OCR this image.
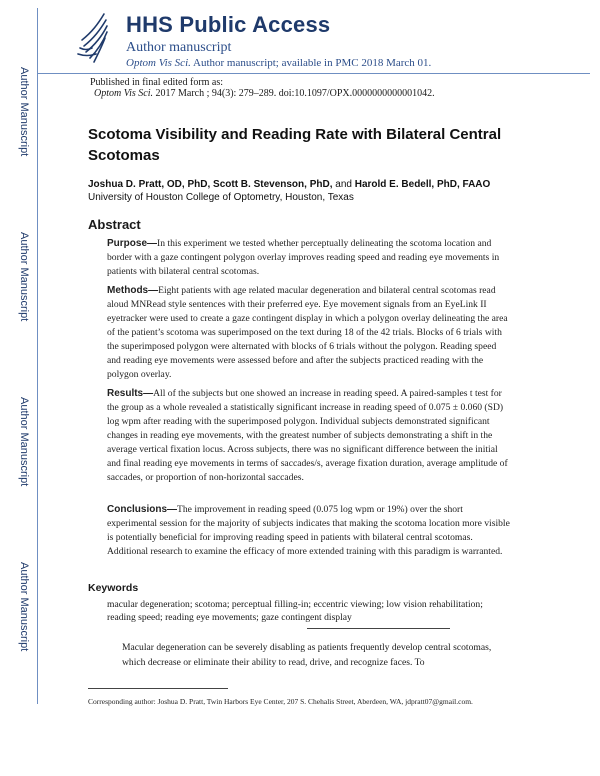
HHS Public Access
Author manuscript
Optom Vis Sci. Author manuscript; available in PMC 2018 March 01.
Author Manuscript
Author Manuscript
Author Manuscript
Author Manuscript
Published in final edited form as:
Optom Vis Sci. 2017 March ; 94(3): 279–289. doi:10.1097/OPX.0000000000001042.
Scotoma Visibility and Reading Rate with Bilateral Central Scotomas
Joshua D. Pratt, OD, PhD, Scott B. Stevenson, PhD, and Harold E. Bedell, PhD, FAAO
University of Houston College of Optometry, Houston, Texas
Abstract
Purpose—In this experiment we tested whether perceptually delineating the scotoma location and border with a gaze contingent polygon overlay improves reading speed and reading eye movements in patients with bilateral central scotomas.
Methods—Eight patients with age related macular degeneration and bilateral central scotomas read aloud MNRead style sentences with their preferred eye. Eye movement signals from an EyeLink II eyetracker were used to create a gaze contingent display in which a polygon overlay delineating the area of the patient’s scotoma was superimposed on the text during 18 of the 42 trials. Blocks of 6 trials with the superimposed polygon were alternated with blocks of 6 trials without the polygon. Reading speed and reading eye movements were assessed before and after the subjects practiced reading with the polygon overlay.
Results—All of the subjects but one showed an increase in reading speed. A paired-samples t test for the group as a whole revealed a statistically significant increase in reading speed of 0.075 ± 0.060 (SD) log wpm after reading with the superimposed polygon. Individual subjects demonstrated significant changes in reading eye movements, with the greatest number of subjects demonstrating a shift in the average vertical fixation locus. Across subjects, there was no significant difference between the initial and final reading eye movements in terms of saccades/s, average fixation duration, average amplitude of saccades, or proportion of non-horizontal saccades.
Conclusions—The improvement in reading speed (0.075 log wpm or 19%) over the short experimental session for the majority of subjects indicates that making the scotoma location more visible is potentially beneficial for improving reading speed in patients with bilateral central scotomas. Additional research to examine the efficacy of more extended training with this paradigm is warranted.
Keywords
macular degeneration; scotoma; perceptual filling-in; eccentric viewing; low vision rehabilitation; reading speed; reading eye movements; gaze contingent display
Macular degeneration can be severely disabling as patients frequently develop central scotomas, which decrease or eliminate their ability to read, drive, and recognize faces. To
Corresponding author: Joshua D. Pratt, Twin Harbors Eye Center, 207 S. Chehalis Street, Aberdeen, WA, jdpratt07@gmail.com.
